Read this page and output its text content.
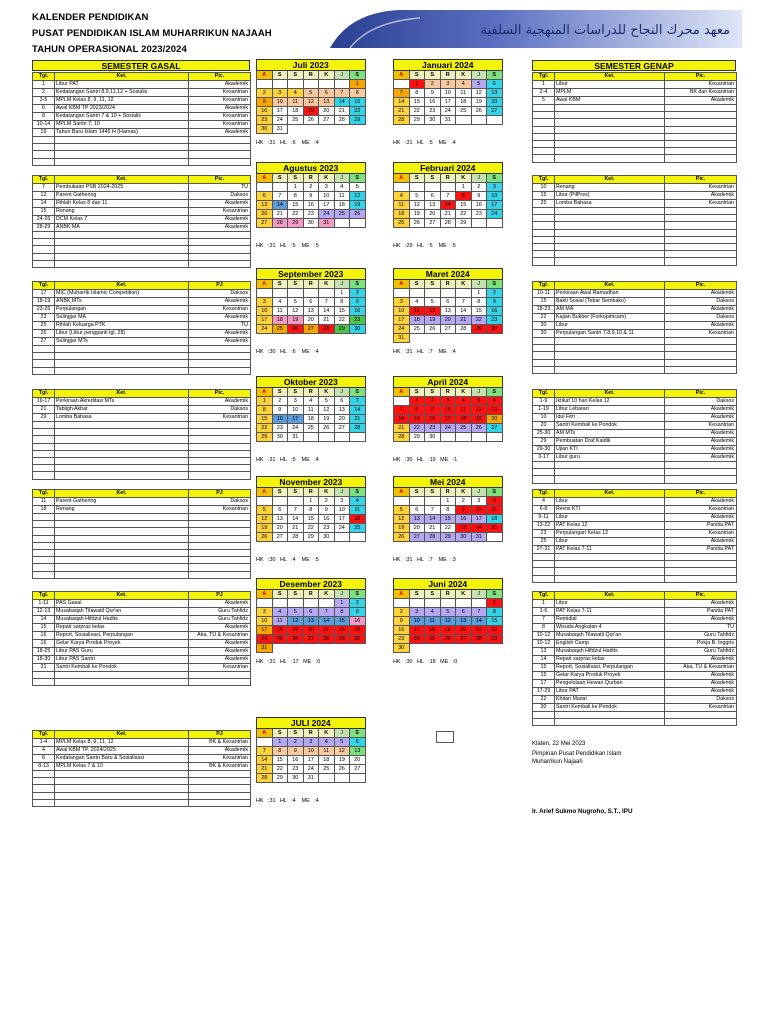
KALENDER PENDIDIKAN
PUSAT PENDIDIKAN ISLAM MUHARRIKUN NAJAAH
TAHUN OPERASIONAL 2023/2024
معهد محرك النجاح للدراسات المنهجية السلفية
SEMESTER GASAL	SEMESTER GENAP
Tgl.	Ket.	Pic.
1	Libur PAT	Akademik
2	Kedatangan Santri 8,9,11,12 + Sosialis	Kesantrian
3-5	MPLM Kelas 8, 9, 11, 12	Kesantrian
6	Awal KBM TP 2023/2024	Akademik
8	Kedatangan Santri 7 & 10 + Sosialis	Kesantrian
10-14	MPLM Santri 7, 10	Kesantrian
19	Tahun Baru Islam 1445 H (Harnas)	Akademik

Juli 2023						
A	S	S	R	K	J	S
						1
2	3	4	5	6	7	8
9	10	11	12	13	14	15
16	17	18	19	20	21	22
23	24	25	26	27	28	29
30	31					
HK   :31   HL   :6    ME   :4
Januari 2024						
A	S	S	R	K	J	S
	1	2	3	4	5	6
7	8	9	10	11	12	13
14	15	16	17	18	19	20
21	22	23	24	25	26	27
28	29	30	31			

HK   :31   HL   :5    ME   :4
Tgl.	Ket.	Pic.
1	Libur	Kesantrian
2-4	MPLM	BK dan Kesantrian
5	Awal KBM	Akademik

Tgl.	Ket.	Pic.
7	Pembukaan PSB 2024-2025	TU
12	Parent Gathering	Daksos
14	Rihlah Kelas 8 dan 11	Akademik
15	Renang	Kesantrian
24-26	DCM Kelas 7	Akademik
28-29	ANBK MA	Akademik

Agustus 2023						
A	S	S	R	K	J	S
		1	2	3	4	5
6	7	8	9	10	11	12
13	14	15	16	17	18	19
20	21	22	23	24	25	26
27	28	29	30	31		

HK   :31   HL   :5    ME   :5
Februari 2024						
A	S	S	R	K	J	S
				1	2	3
4	5	6	7	8	9	10
11	12	13	14	15	16	17
18	19	20	21	22	23	24
25	26	27	28	29		

HK   :29   HL   :5    ME   :5
Tgl.	Ket.	Pic.
10	Renang	Kesantrian
15	Libur (PilPres)	Akademik
25	Lomba Bahasa	Kesantrian

Tgl.	Ket.	PJ
17	MIC (Muharrik Islamic Competition)	Daksos
18-19	ANBK MTs	Akademik
23-26	Perpulangan	Kesantrian
23	Sulingjar MA	Akademik
25	Rihlah Keluarga PTK	TU
26	Libur (Libur pengganti tgl. 28)	Akademik
27	Sulingjar MTs	Akademik

September 2023						
A	S	S	R	K	J	S
					1	2
3	4	5	6	7	8	9
10	11	12	13	14	15	16
17	18	19	20	21	22	23
24	25	26	27	28	29	30

HK   :30   HL   :6    ME   :4
Maret 2024						
A	S	S	R	K	J	S
					1	2
3	4	5	6	7	8	9
10	11	12	13	14	15	16
17	18	19	20	21	22	23
24	25	26	27	28	29	30
31						
HK   :31   HL   :7    ME   :4
Tgl.	Ket.	Pic.
10-11	Perkiraan Awal Ramadhan	Akademik
15	Bakti Sosial (Tebar Sembako)	Daksos
18-23	AM MA	Akademik
22	Kajian Bukber (Forkopimcam)	Daksos
30	Libur	Akademik
30	Perpulangan Santri 7,8,9,10 & 11	Kesantrian

Tgl.	Ket.	Pic.
16-17	Perkiraan Akreditasi MTs	Akademik
21	Tabligh Akbar	Daksos
29	Lomba Bahasa	Kesantrian

Oktober 2023						
A	S	S	R	K	J	S
1	2	3	4	5	6	7
8	9	10	11	12	13	14
15	16	17	18	19	20	21
22	23	24	25	26	27	28
29	30	31				

HK   :31   HL   :5    ME   :4
April 2024						
A	S	S	R	K	J	S
	1	2	3	4	5	6
7	8	9	10	11	12	13
14	15	16	17	18	19	20
21	22	23	24	25	26	27
28	29	30				

HK   :30   HL   :19   ME   :1
Tgl.	Ket.	Pic.
1-9	Iktikaf 10 hari Kelas 12	Daksos
1-19	Libur Lebaran	Akademik
10	Idul Fitri	Akademik
20	Santri Kembali ke Pondok	Kesantrian
25-30	AM MTs	Akademik
29	Pembuatan Draf Kaidik	Akademik
29-30	Ujian KTI	Akademik
3-17	Libur guru	Akademik

Tgl.	Ket.	PJ
11	Parent Gathering	Daksos
18	Renang	Kesantrian

November 2023						
A	S	S	R	K	J	S
			1	2	3	4
5	6	7	8	9	10	11
12	13	14	15	16	17	18
19	20	21	22	23	24	25
26	27	28	29	30		

HK   :30   HL   :4    ME   :5
Mei 2024						
A	S	S	R	K	J	S
			1	2	3	4
5	6	7	8	9	10	11
12	13	14	15	16	17	18
19	20	21	22	23	24	25
26	27	28	29	30	31	

HK   :31   HL   :7    ME   :3
Tgl.	Ket.	Pic.
4	Libur	Akademik
6-8	Revisi KTI	Kesantrian
9-11	Libur	Akademik
13-22	PAT Kelas 12	Panitia PAT
23	Perpulangan Kelas 12	Kesantrian
25	Libur	Akademik
27-31	PAT Kelas 7-11	Panitia PAT

Tgl.	Ket.	PJ
1-11	PAS Gasal	Akademik
12-13	Musabaqah Tilawatil Qur'an	Guru Tahfidz
14	Musabaqah Hifdzul Hadits	Guru Tahfidz
15	Repair sarpras kelas	Akademik
16	Report, Sosialisasi, Perpulangan	Aka, TU & Kesantrian
16	Gelar Karya Produk Proyek	Akademik
18-25	Libur PAS Guru	Akademik
18-30	Libur PAS Santri	Akademik
31	Santri Kembali ke Pondok	Kesantrian

Desember 2023						
A	S	S	R	K	J	S
					1	2
3	4	5	6	7	8	9
10	11	12	13	14	15	16
17	18	19	20	21	22	23
24	25	26	27	28	29	30
31						
HK   :31   HL   :17   ME   :0
Juni 2024						
A	S	S	R	K	J	S
						1
2	3	4	5	6	7	8
9	10	11	12	13	14	15
16	17	18	19	20	21	22
23	24	25	26	27	28	29
30						
HK   :30   HL   :18   ME   :0
Tgl.	Ket.	Pic.
1	Libur	Akademik
1-6	PAT Kelas 7-11	Panitia PAT
7	Remidial	Akademik
8	Wisuda Angkatan 4	TU
10-12	Musabaqah Tilawatil Qur'an	Guru Tahfidz
10-12	English Camp	Pokja B. Inggris
13	Musabaqah Hifdzul Hadits	Guru Tahfidz
14	Repair sarpras kelas	Akademik
15	Report, Sosialisasi, Perpulangan	Aka, TU & Kesantrian
15	Gelar Karya Produk Proyek	Akademik
17	Pengelolaan Hewan Qurban	Akademik
17-29	Libur PAT	Akademik
22	Khitan Masal	Daksos
30	Santri Kembali ke Pondok	Kesantrian

Tgl.	Ket.	PJ
1-4	MPLM Kelas 8, 9, 11, 12	BK & Kesantrian
4	Awal KBM TP. 2024/2025	Akademik
6	Kedatangan Santri Baru & Sosialisasi	Kesantrian
8-13	MPLM Kelas 7 & 10	BK & Kesantrian

JULI 2024						
A	S	S	R	K	J	S
	1	2	3	4	5	6
7	8	9	10	11	12	13
14	15	16	17	18	19	20
21	22	23	24	25	26	27
28	29	30	31			

HK   :31   HL   :4    ME   :4
Klaten, 22 Mei 2023
Pimpinan Pusat Pendidikan Islam
Muharrikun Najaah
Ir. Arief Sukmo Nugroho, S.T., IPU
